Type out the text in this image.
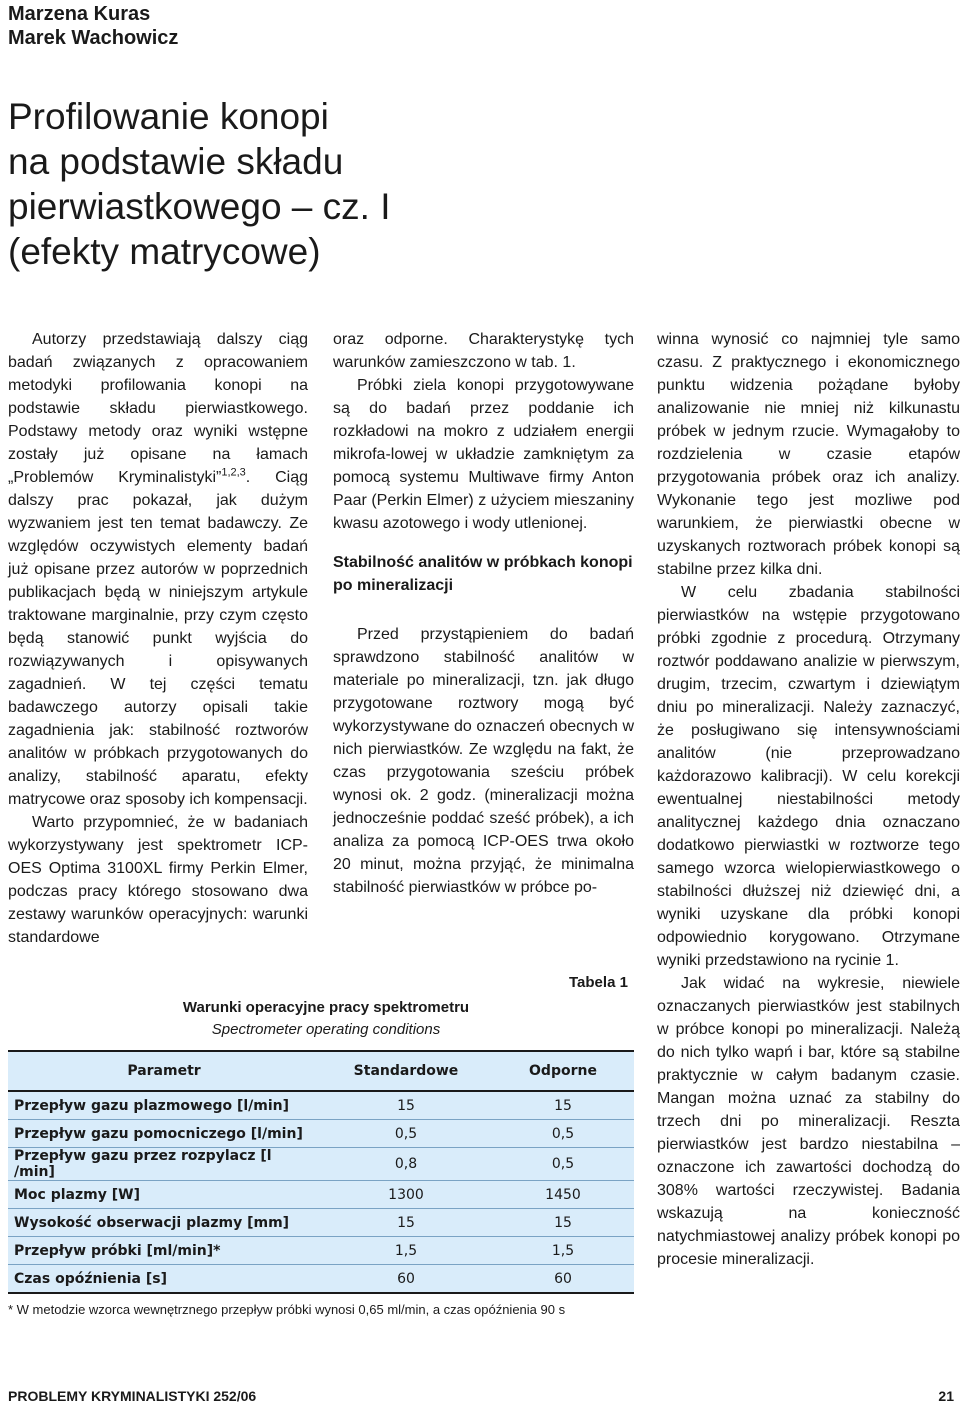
Marzena Kuras
Marek Wachowicz
Profilowanie konopi
na podstawie składu
pierwiastkowego – cz. I
(efekty matrycowe)

Autorzy przedstawiają dalszy ciąg badań związanych z opracowaniem metodyki profilowania konopi na podstawie składu pierwiastkowego. Podstawy metody oraz wyniki wstępne zostały już opisane na łamach „Problemów Kryminalistyki”$^{1,2,3}$. Ciąg dalszy prac pokazał, jak dużym wyzwaniem jest ten temat badawczy. Ze względów oczywistych elementy badań już opisane przez autorów w poprzednich publikacjach będą w niniejszym artykule traktowane marginalnie, przy czym często będą stanowić punkt wyjścia do rozwiązywanych i opisywanych zagadnień. W tej części tematu badawczego autorzy opisali takie zagadnienia jak: stabilność roztworów analitów w próbkach przygotowanych do analizy, stabilność aparatu, efekty matrycowe oraz sposoby ich kompensacji.

Warto przypomnieć, że w badaniach wykorzystywany jest spektrometr ICP-OES Optima 3100XL firmy Perkin Elmer, podczas pracy którego stosowano dwa zestawy warunków operacyjnych: warunki standardowe

oraz odporne. Charakterystykę tych warunków zamieszczono w tab. 1.

Próbki ziela konopi przygotowywane są do badań przez poddanie ich rozkładowi na mokro z udziałem energii mikrofa-lowej w układzie zamkniętym za pomocą systemu Multiwave firmy Anton Paar (Perkin Elmer) z użyciem mieszaniny kwasu azotowego i wody utlenionej.

Stabilność analitów w próbkach konopi po mineralizacji

Przed przystąpieniem do badań sprawdzono stabilność analitów w materiale po mineralizacji, tzn. jak długo przygotowane roztwory mogą być wykorzystywane do oznaczeń obecnych w nich pierwiastków. Ze względu na fakt, że czas przygotowania sześciu próbek wynosi ok. 2 godz. (mineralizacji można jednocześnie poddać sześć próbek), a ich analiza za pomocą ICP-OES trwa około 20 minut, można przyjąć, że minimalna stabilność pierwiastków w próbce po-

winna wynosić co najmniej tyle samo czasu. Z praktycznego i ekonomicznego punktu widzenia pożądane byłoby analizowanie nie mniej niż kilkunastu próbek w jednym rzucie. Wymagałoby to rozdzielenia w czasie etapów przygotowania próbek oraz ich analizy. Wykonanie tego jest mozliwe pod warunkiem, że pierwiastki obecne w uzyskanych roztworach próbek konopi są stabilne przez kilka dni.

W celu zbadania stabilności pierwiastków na wstępie przygotowano próbki zgodnie z procedurą. Otrzymany roztwór poddawano analizie w pierwszym, drugim, trzecim, czwartym i dziewiątym dniu po mineralizacji. Należy zaznaczyć, że posługiwano się intensywnościami analitów (nie przeprowadzano każdorazowo kalibracji). W celu korekcji ewentualnej niestabilności metody analitycznej każdego dnia oznaczano dodatkowo pierwiastki w roztworze tego samego wzorca wielopierwiastkowego o stabilności dłuższej niż dziewięć dni, a wyniki uzyskane dla próbki konopi odpowiednio korygowano. Otrzymane wyniki przedstawiono na rycinie 1.

Jak widać na wykresie, niewiele oznaczanych pierwiastków jest stabilnych w próbce konopi po mineralizacji. Należą do nich tylko wapń i bar, które są stabilne praktycznie w całym badanym czasie. Mangan można uznać za stabilny do trzech dni po mineralizacji. Reszta pierwiastków jest bardzo niestabilna – oznaczone ich zawartości dochodzą do 308% wartości rzeczywistej. Badania wskazują na konieczność natychmiastowej analizy próbek konopi po procesie mineralizacji.

Tabela 1
Warunki operacyjne pracy spektrometru
Spectrometer operating conditions
Parametr	Standardowe	Odporne
Przepływ gazu plazmowego [l/min]	15	15
Przepływ gazu pomocniczego [l/min]	0,5	0,5
Przepływ gazu przez rozpylacz [l /min]	0,8	0,5
Moc plazmy [W]	1300	1450
Wysokość obserwacji plazmy [mm]	15	15
Przepływ próbki [ml/min]*	1,5	1,5
Czas opóźnienia [s]	60	60
* W metodzie wzorca wewnętrznego przepływ próbki wynosi 0,65 ml/min, a czas opóźnienia 90 s
PROBLEMY KRYMINALISTYKI 252/06	21
